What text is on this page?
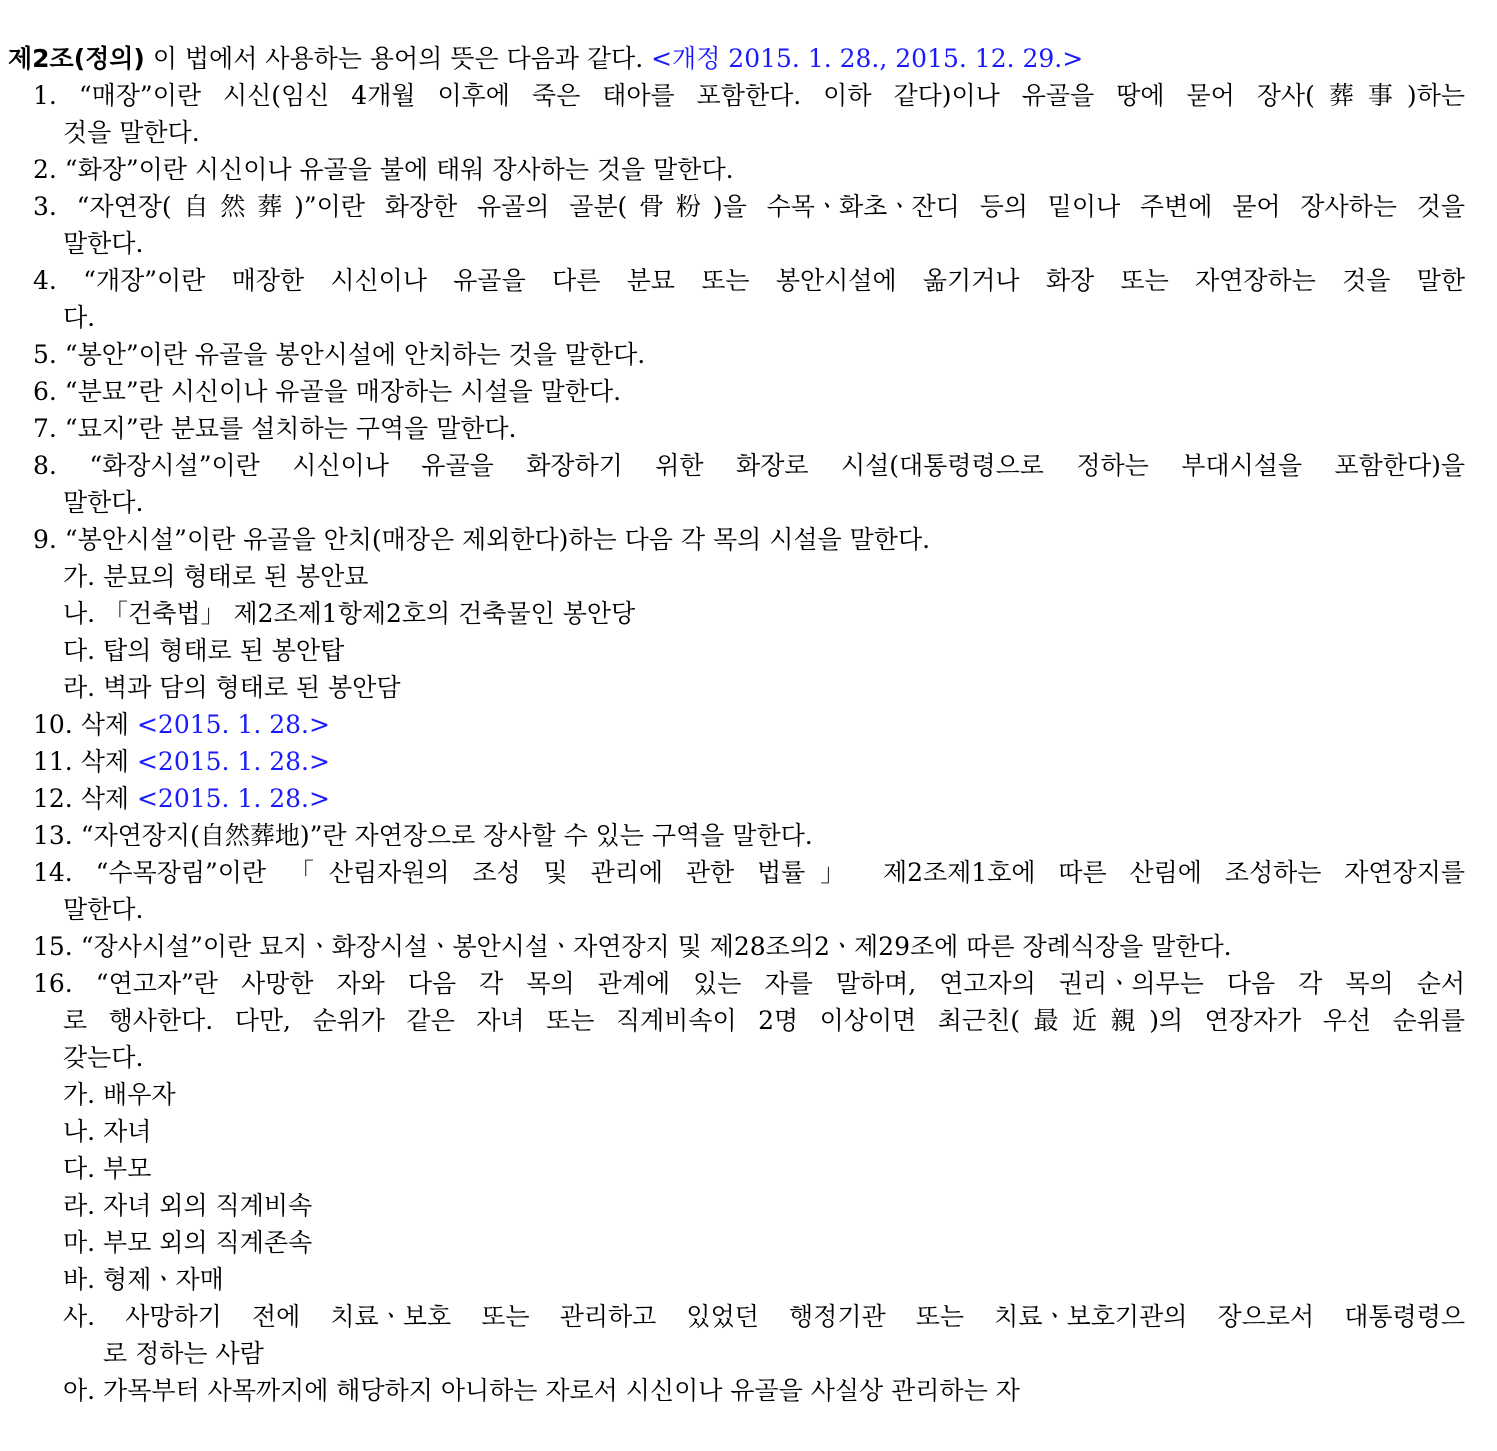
제2조(정의) 이 법에서 사용하는 용어의 뜻은 다음과 같다. <개정 2015. 1. 28., 2015. 12. 29.>
1. “매장”이란 시신(임신 4개월 이후에 죽은 태아를 포함한다. 이하 같다)이나 유골을 땅에 묻어 장사(葬事)하는
것을 말한다.
2. “화장”이란 시신이나 유골을 불에 태워 장사하는 것을 말한다.
3. “자연장(自然葬)”이란 화장한 유골의 골분(骨粉)을 수목ㆍ화초ㆍ잔디 등의 밑이나 주변에 묻어 장사하는 것을
말한다.
4. “개장”이란 매장한 시신이나 유골을 다른 분묘 또는 봉안시설에 옮기거나 화장 또는 자연장하는 것을 말한
다.
5. “봉안”이란 유골을 봉안시설에 안치하는 것을 말한다.
6. “분묘”란 시신이나 유골을 매장하는 시설을 말한다.
7. “묘지”란 분묘를 설치하는 구역을 말한다.
8. “화장시설”이란 시신이나 유골을 화장하기 위한 화장로 시설(대통령령으로 정하는 부대시설을 포함한다)을
말한다.
9. “봉안시설”이란 유골을 안치(매장은 제외한다)하는 다음 각 목의 시설을 말한다.
가. 분묘의 형태로 된 봉안묘
나. 「건축법」 제2조제1항제2호의 건축물인 봉안당
다. 탑의 형태로 된 봉안탑
라. 벽과 담의 형태로 된 봉안담
10. 삭제 <2015. 1. 28.>
11. 삭제 <2015. 1. 28.>
12. 삭제 <2015. 1. 28.>
13. “자연장지(自然葬地)”란 자연장으로 장사할 수 있는 구역을 말한다.
14. “수목장림”이란 「산림자원의 조성 및 관리에 관한 법률」 제2조제1호에 따른 산림에 조성하는 자연장지를
말한다.
15. “장사시설”이란 묘지ㆍ화장시설ㆍ봉안시설ㆍ자연장지 및 제28조의2ㆍ제29조에 따른 장례식장을 말한다.
16. “연고자”란 사망한 자와 다음 각 목의 관계에 있는 자를 말하며, 연고자의 권리ㆍ의무는 다음 각 목의 순서
로 행사한다. 다만, 순위가 같은 자녀 또는 직계비속이 2명 이상이면 최근친(最近親)의 연장자가 우선 순위를
갖는다.
가. 배우자
나. 자녀
다. 부모
라. 자녀 외의 직계비속
마. 부모 외의 직계존속
바. 형제ㆍ자매
사. 사망하기 전에 치료ㆍ보호 또는 관리하고 있었던 행정기관 또는 치료ㆍ보호기관의 장으로서 대통령령으
로 정하는 사람
아. 가목부터 사목까지에 해당하지 아니하는 자로서 시신이나 유골을 사실상 관리하는 자
